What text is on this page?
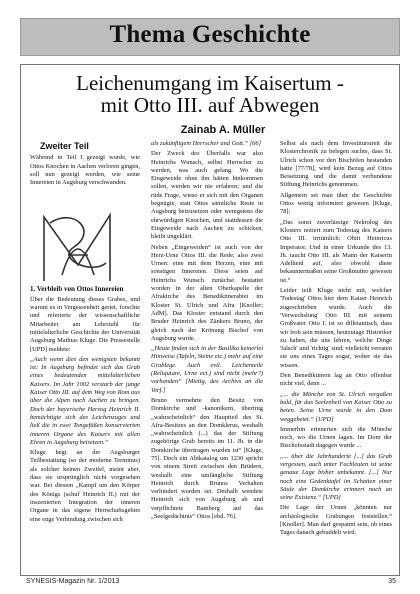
Thema Geschichte
Leichenumgang im Kaisertum -
mit Otto III. auf Abwegen
Zainab A. Müller
Zweiter Teil

Während in Teil I gezeigt wurde, wie Ottos Knochen in Aachen verloren gingen, soll nun gezeigt werden, wie seine Innereien in Augsburg verschwanden.

1. Verbleib von Ottos Innereien

Über die Bedeutung dieses Grabes, und warum es in Vergessenheit geriet, forschte und referierte der wissenschaftliche Mitarbeiter am Lehrstuhl für mittelalterliche Geschichte der Universität Augsburg Mathias Kluge. Die Pressestelle [UPD] meldete:

„Auch wenn dies den wenigsten bekannt ist: In Augsburg befindet sich das Grab eines bedeutenden mittelalterlichen Kaisers. Im Jahr 1002 verstarb der junge Kaiser Otto III. auf dem Weg von Rom aus über die Alpen nach Aachen zu bringen. Doch der bayerische Herzog Heinrich II. bemächtigte sich des Leichenzuges und ließ die in zwei Tongefäßen konservierten inneren Organe des Kaisers mit allen Ehren in Augsburg beisetzen.“

Kluge hegt an der Augsburger Teilbestattung (so der moderne Terminus) als solcher keinen Zweifel, meint aber, dass sie ursprünglich nicht vorgesehen war. Bei diesem „Kampf um den Körper des Königs (schuf Heinrich II.) mit der inszenierten Integration der inneren Organe in das eigene Herrschaftsgebiet eine enge Verbindung zwischen sich

als zukünftigem Herrscher und Gott.“ [66]

Der Zweck des Überfalls war also Heinrichs Wunsch, selbst Herrscher zu werden, was auch gelang. Wo die Eingeweide ohne ihn hätten hinkommen sollen, werden wir nie erfahren; und die rüde Frage, wieso er sich mit den Organen begnügte, statt Ottos sämtliche Reste in Augsburg beizusetzen oder wenigstens die ehrwürdigen Knochen, und stattdessen die Eingeweide nach Aachen zu schicken, bleibt ungeklärt.

Neben „Eingeweiden“ ist auch von der Herz-Urne Ottos III. die Rede; also zwei Urnen: eine mit dem Herzen, eine mit sonstigen Innereien. Diese seien auf Heinrichs Wunsch zunächst bestattet worden in der alten Oberkapelle der Afrakirche des Benediktinerabtei im Kloster St. Ulrich und Afra [Knoller; AdM]. Das Kloster entstand durch den Bruder Heinrich des Zänkers Bruno, der gleich nach der Krönung Bischof von Augsburg wurde.

„Heute finden sich in der Basilika keinerlei Hinweise (Tafeln, Steine etc.) mehr auf eine Grablege. Auch evtl. Leichenteile (Reliquiare, Urne ect.) sind nicht (mehr?) vorhanden“ [Mietig, des Archivs an die Verf.]

Bruno vermehrte den Besitz von Domkirche und -kanonikern, übertrug „wahrscheinlich“ den Hauptteil des St. Afra-Besitzes an den Domklerus, weshalb „wahrscheinlich (...) das der Stiftung zugehörige Grab bereits im 11. Jh. in die Domkirche übertragen wurden ist“ [Kluge, 75]. Doch ein Abtkatalog um 1230 spricht von einem Streit zwischen den Brüdern, weshalb eine umfängliche Stiftung Heinrich durch Brunos Verhalten verhindert worden sei. Deshalb wendete Heinrich sich von Augsburg ab und verpflichtete Bamberg auf das „Seelgedächtnis“ Ottos [ebd. 76].

Selbst als nach dem Investiturstreit die Klosterchronik zu belegen suchte, dass St. Ulrich schon vor den Bischöfen bestanden hatte [77/78], wird kein Bezug auf Ottos Beisetzung und die damit verbundene Stiftung Heinrichs genommen.

Allgemein sei man über die Geschichte Ottos wenig informiert gewesen [Kluge, 78]:

„Das sonst zuverlässige Nekrolog des Klosters notiert zum Todestag des Kaisers Otto III. irrtümlich: Obiit Heinricus Imperator. Und in einer Urkunde des 13. Jh. taucht Otto III. als Mann der Kaiserin Adelheid auf, also obwohl diese bekanntermaßen seine Großmutter gewesen ist.“

Leider teilt Kluge nicht mit, welcher 'Todestag' Ottos hier dem Kaiser Heinrich zugeschrieben wurde. Auch die 'Verwechslung' Otto III. mit seinem Großvater Otto I. ist so dilletantisch, dass wir froh sein müssen, heutzutage Historiker zu haben, die uns lehren, welche Dinge 'falsch' und 'richtig' sind; vielleicht verraten sie uns eines Tages sogar, woher sie das wissen.

Den Benediktinern lag an Otto offenbar nicht viel, denn ...

„... die Mönche von St. Ulrich vergaßen bald, für das Seelenheil von Kaiser Otto zu beten. Seine Urne wurde in den Dom weggebetet.“ [UPD]

Immerhin erinnerten sich die Mönche noch, wo die Urnen lagen. Im Dom der Bischofsstadt dagegen wurde ...

„... über die Jahrhunderte [...] das Grab vergessen, auch unter Fachleuten ist seine genaue Lage bisher unbekannt. [...] Nur noch eine Gedenktafel im Schatten einer Säule der Domkirche erinnert noch an seine Existenz.“ [UPD]

Die Lage der Urnen „könnten nur archäologische Grabungen feststellen.“ [Knoller]. Man darf gespannt sein, ob eines Tages danach gebuddelt wird.

SYNESIS-Magazin Nr. 1/2013	35
